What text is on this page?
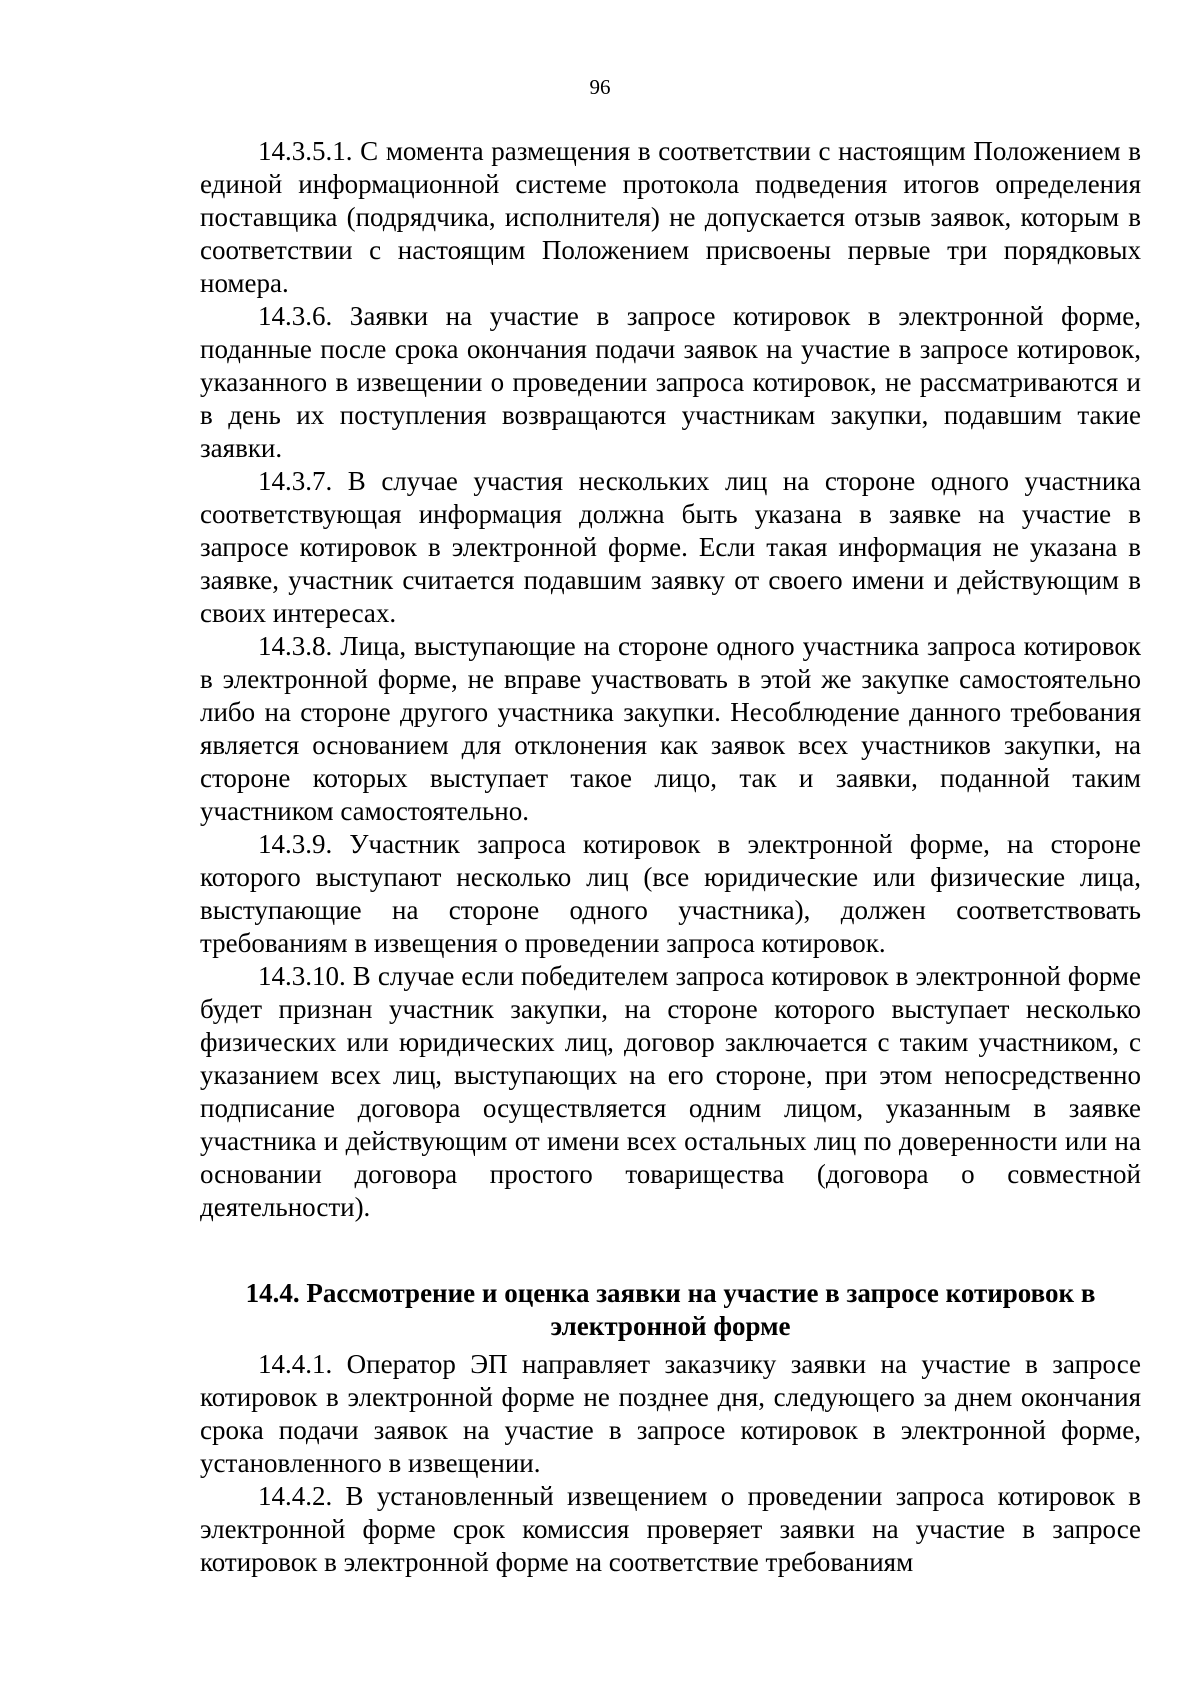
96

14.3.5.1. С момента размещения в соответствии с настоящим Положением в единой информационной системе протокола подведения итогов определения поставщика (подрядчика, исполнителя) не допускается отзыв заявок, которым в соответствии с настоящим Положением присвоены первые три порядковых номера.

14.3.6. Заявки на участие в запросе котировок в электронной форме, поданные после срока окончания подачи заявок на участие в запросе котировок, указанного в извещении о проведении запроса котировок, не рассматриваются и в день их поступления возвращаются участникам закупки, подавшим такие заявки.

14.3.7. В случае участия нескольких лиц на стороне одного участника соответствующая информация должна быть указана в заявке на участие в запросе котировок в электронной форме. Если такая информация не указана в заявке, участник считается подавшим заявку от своего имени и действующим в своих интересах.

14.3.8. Лица, выступающие на стороне одного участника запроса котировок в электронной форме, не вправе участвовать в этой же закупке самостоятельно либо на стороне другого участника закупки. Несоблюдение данного требования является основанием для отклонения как заявок всех участников закупки, на стороне которых выступает такое лицо, так и заявки, поданной таким участником самостоятельно.

14.3.9. Участник запроса котировок в электронной форме, на стороне которого выступают несколько лиц (все юридические или физические лица, выступающие на стороне одного участника), должен соответствовать требованиям в извещения о проведении запроса котировок.

14.3.10. В случае если победителем запроса котировок в электронной форме будет признан участник закупки, на стороне которого выступает несколько физических или юридических лиц, договор заключается с таким участником, с указанием всех лиц, выступающих на его стороне, при этом непосредственно подписание договора осуществляется одним лицом, указанным в заявке участника и действующим от имени всех остальных лиц по доверенности или на основании договора простого товарищества (договора о совместной деятельности).

14.4. Рассмотрение и оценка заявки на участие в запросе котировок в
электронной форме

14.4.1. Оператор ЭП направляет заказчику заявки на участие в запросе котировок в электронной форме не позднее дня, следующего за днем окончания срока подачи заявок на участие в запросе котировок в электронной форме, установленного в извещении.

14.4.2. В установленный извещением о проведении запроса котировок в электронной форме срок комиссия проверяет заявки на участие в запросе котировок в электронной форме на соответствие требованиям
